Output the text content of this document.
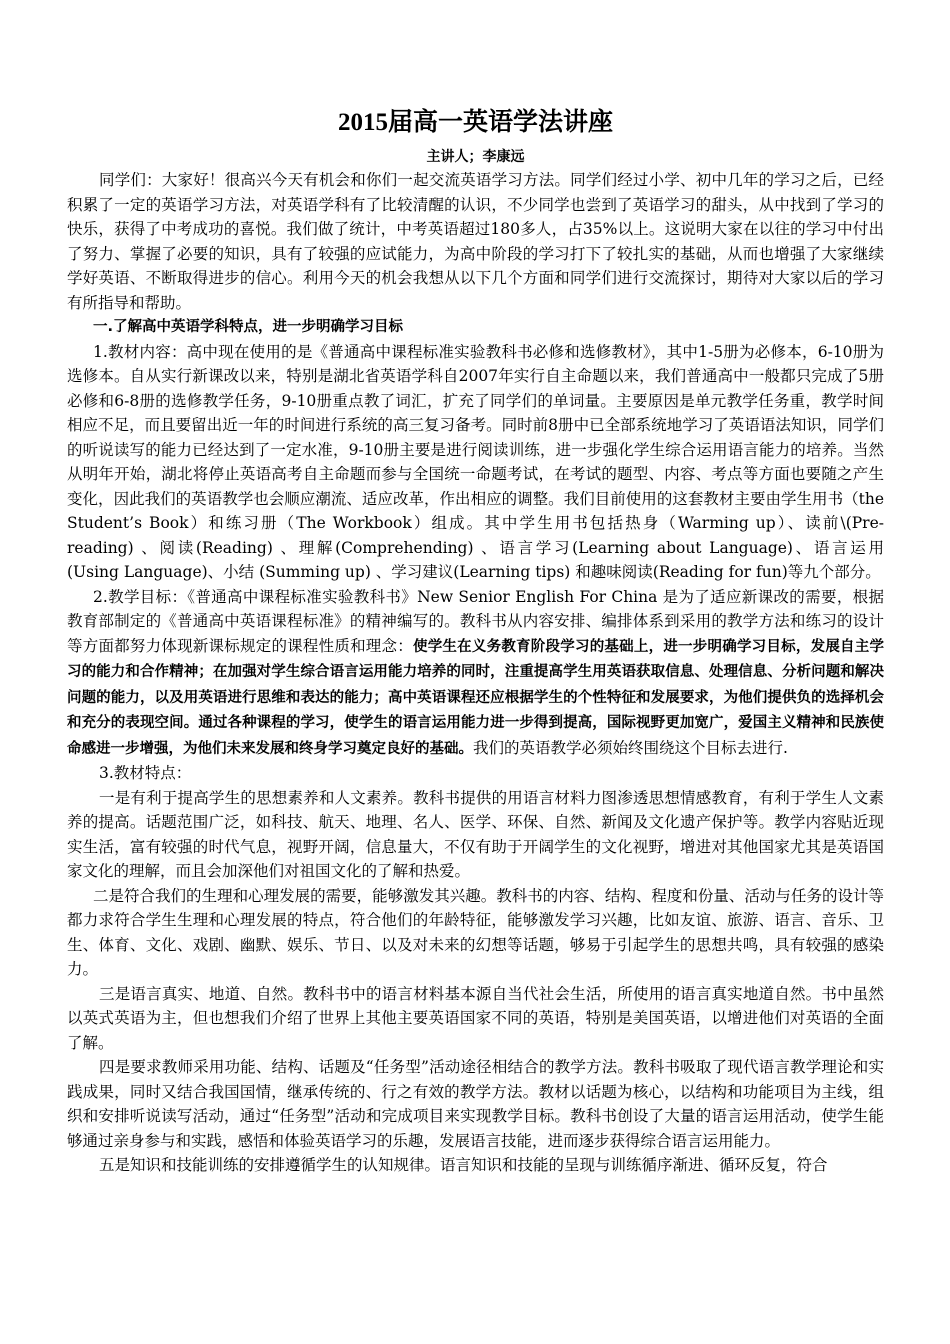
2015届高一英语学法讲座

主讲人；李康远

同学们：大家好！很高兴今天有机会和你们一起交流英语学习方法。同学们经过小学、初中几年的学习之后，已经积累了一定的英语学习方法，对英语学科有了比较清醒的认识，不少同学也尝到了英语学习的甜头，从中找到了学习的快乐，获得了中考成功的喜悦。我们做了统计，中考英语超过180多人，占35%以上。这说明大家在以往的学习中付出了努力、掌握了必要的知识，具有了较强的应试能力，为高中阶段的学习打下了较扎实的基础，从而也增强了大家继续学好英语、不断取得进步的信心。利用今天的机会我想从以下几个方面和同学们进行交流探讨，期待对大家以后的学习有所指导和帮助。

一.了解高中英语学科特点，进一步明确学习目标

1.教材内容：高中现在使用的是《普通高中课程标准实验教科书必修和选修教材》，其中1-5册为必修本，6-10册为选修本。自从实行新课改以来，特别是湖北省英语学科自2007年实行自主命题以来，我们普通高中一般都只完成了5册必修和6-8册的选修教学任务，9-10册重点教了词汇，扩充了同学们的单词量。主要原因是单元教学任务重，教学时间相应不足，而且要留出近一年的时间进行系统的高三复习备考。同时前8册中已全部系统地学习了英语语法知识，同学们的听说读写的能力已经达到了一定水准，9-10册主要是进行阅读训练，进一步强化学生综合运用语言能力的培养。当然从明年开始，湖北将停止英语高考自主命题而参与全国统一命题考试，在考试的题型、内容、考点等方面也要随之产生变化，因此我们的英语教学也会顺应潮流、适应改革，作出相应的调整。我们目前使用的这套教材主要由学生用书（the Student’s Book）和练习册（The Workbook）组成。其中学生用书包括热身（Warming up）、读前\(Pre-reading) 、阅读(Reading) 、理解(Comprehending) 、语言学习(Learning about Language)、语言运用 (Using Language)、小结 (Summing up) 、学习建议(Learning tips) 和趣味阅读(Reading for fun)等九个部分。

2.教学目标：《普通高中课程标准实验教科书》New Senior English For China 是为了适应新课改的需要，根据教育部制定的《普通高中英语课程标准》的精神编写的。教科书从内容安排、编排体系到采用的教学方法和练习的设计等方面都努力体现新课标规定的课程性质和理念：使学生在义务教育阶段学习的基础上，进一步明确学习目标，发展自主学习的能力和合作精神；在加强对学生综合语言运用能力培养的同时，注重提高学生用英语获取信息、处理信息、分析问题和解决问题的能力，以及用英语进行思维和表达的能力；高中英语课程还应根据学生的个性特征和发展要求，为他们提供负的选择机会和充分的表现空间。通过各种课程的学习，使学生的语言运用能力进一步得到提高，国际视野更加宽广，爱国主义精神和民族使命感进一步增强，为他们未来发展和终身学习奠定良好的基础。我们的英语教学必须始终围绕这个目标去进行.

3.教材特点：

一是有利于提高学生的思想素养和人文素养。教科书提供的用语言材料力图渗透思想情感教育，有利于学生人文素养的提高。话题范围广泛，如科技、航天、地理、名人、医学、环保、自然、新闻及文化遗产保护等。教学内容贴近现实生活，富有较强的时代气息，视野开阔，信息量大，不仅有助于开阔学生的文化视野，增进对其他国家尤其是英语国家文化的理解，而且会加深他们对祖国文化的了解和热爱。

二是符合我们的生理和心理发展的需要，能够激发其兴趣。教科书的内容、结构、程度和份量、活动与任务的设计等都力求符合学生生理和心理发展的特点，符合他们的年龄特征，能够激发学习兴趣，比如友谊、旅游、语言、音乐、卫生、体育、文化、戏剧、幽默、娱乐、节日、以及对未来的幻想等话题，够易于引起学生的思想共鸣，具有较强的感染力。

三是语言真实、地道、自然。教科书中的语言材料基本源自当代社会生活，所使用的语言真实地道自然。书中虽然以英式英语为主，但也想我们介绍了世界上其他主要英语国家不同的英语，特别是美国英语，以增进他们对英语的全面了解。

四是要求教师采用功能、结构、话题及“任务型”活动途径相结合的教学方法。教科书吸取了现代语言教学理论和实践成果，同时又结合我国国情，继承传统的、行之有效的教学方法。教材以话题为核心，以结构和功能项目为主线，组织和安排听说读写活动，通过“任务型”活动和完成项目来实现教学目标。教科书创设了大量的语言运用活动，使学生能够通过亲身参与和实践，感悟和体验英语学习的乐趣，发展语言技能，进而逐步获得综合语言运用能力。

五是知识和技能训练的安排遵循学生的认知规律。语言知识和技能的呈现与训练循序渐进、循环反复，符合
